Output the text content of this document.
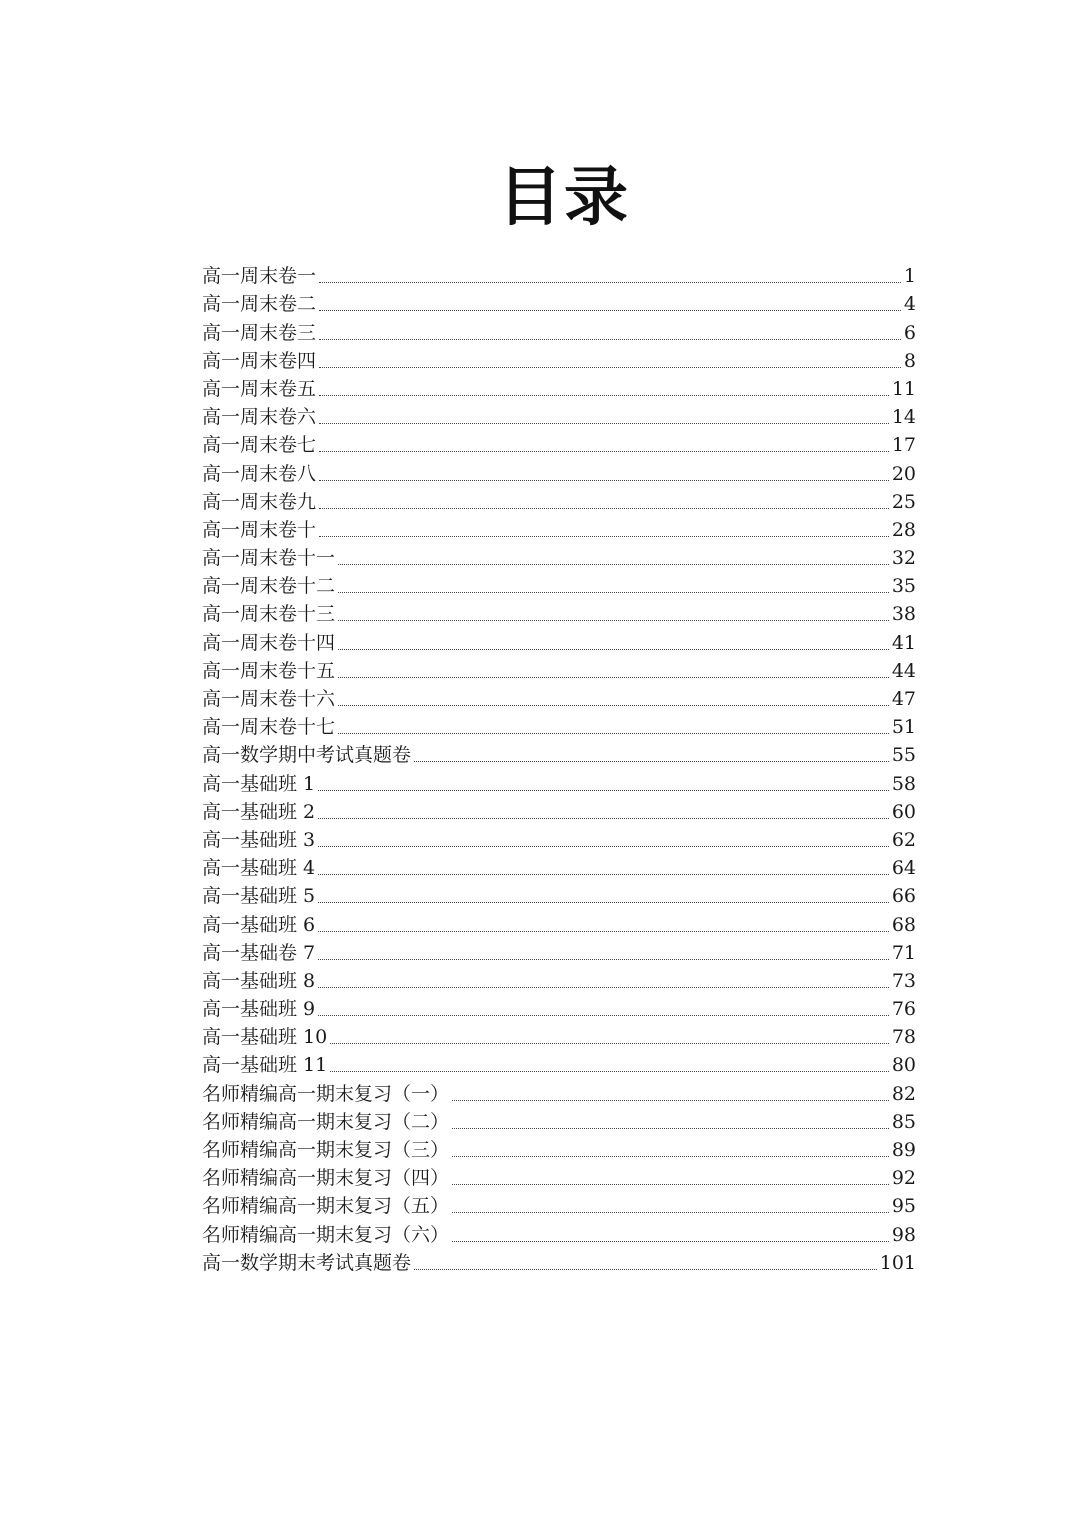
目录
高一周末卷一	1
高一周末卷二	4
高一周末卷三	6
高一周末卷四	8
高一周末卷五	11
高一周末卷六	14
高一周末卷七	17
高一周末卷八	20
高一周末卷九	25
高一周末卷十	28
高一周末卷十一	32
高一周末卷十二	35
高一周末卷十三	38
高一周末卷十四	41
高一周末卷十五	44
高一周末卷十六	47
高一周末卷十七	51
高一数学期中考试真题卷	55
高一基础班 1	58
高一基础班 2	60
高一基础班 3	62
高一基础班 4	64
高一基础班 5	66
高一基础班 6	68
高一基础卷 7	71
高一基础班 8	73
高一基础班 9	76
高一基础班 10	78
高一基础班 11	80
名师精编高一期末复习（一）	82
名师精编高一期末复习（二）	85
名师精编高一期末复习（三）	89
名师精编高一期末复习（四）	92
名师精编高一期末复习（五）	95
名师精编高一期末复习（六）	98
高一数学期末考试真题卷	101
